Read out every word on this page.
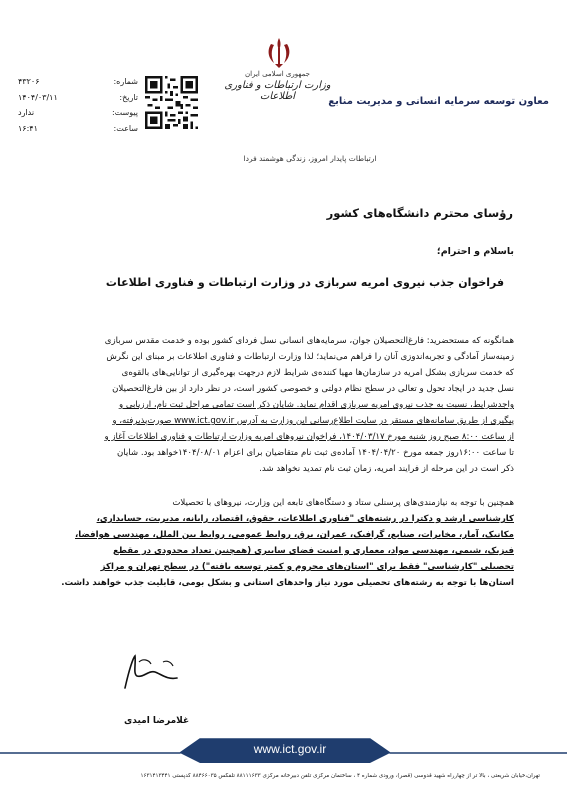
جمهوری اسلامی ایران
وزارت ارتباطات و فناوری اطلاعات	معاون توسعه سرمایه انسانی و مدیریت منابع
شماره:
۴۳۲۰۶
تاریخ:
۱۴۰۴/۰۳/۱۱
پیوست:
ندارد
ساعت:
۱۶:۴۱
ارتباطات پایدار امروز، زندگی هوشمند فردا
رؤسای محترم دانشگاه‌های کشور
باسلام و احترام؛
فراخوان جذب نیروی امریه سربازی در وزارت ارتباطات و فناوری اطلاعات
همانگونه که مستحضرید: فارغ‌التحصیلان جوان، سرمایه‌های انسانی نسل فردای کشور بوده و خدمت مقدس سربازی
زمینه‌ساز آمادگی و تجربه‌اندوزی آنان را فراهم می‌نماید؛ لذا وزارت ارتباطات و فناوری اطلاعات بر مبنای این نگرش
که خدمت سربازی بشکل امریه در سازمان‌ها مهیا کننده‌ی شرایط لازم درجهت بهره‌گیری از توانایی‌های بالقوه‌ی
نسل جدید در ایجاد تحول و تعالی در سطح نظام دولتی و خصوصی کشور است، در نظر دارد از بین فارغ‌التحصیلان
واجدشرایط، نسبت به جذب نیروی امریه سربازی اقدام نماید. شایان ذکر است تمامی مراحل ثبت نام، ارزیابی و
پیگیری از طریق سامانه‌های مستقر در سایت اطلاع‌رسانی این وزارت به آدرس www.ict.gov.ir صورت‌پذیرفته، و
از ساعت ۸:۰۰ صبح روز شنبه مورخ ۱۴۰۴/۰۳/۱۷، فراخوان نیروهای امریه وزارت ارتباطات و فناوری اطلاعات آغاز و
تا ساعت ۱۶:۰۰روز جمعه مورخ ۱۴۰۴/۰۴/۲۰ آماده‌ی ثبت نام متقاضیان برای اعزام ۱۴۰۴/۰۸/۰۱خواهد بود. شایان
ذکر است در این مرحله از فرایند امریه، زمان ثبت نام تمدید نخواهد شد.
همچنین با توجه به نیازمندی‌های پرسنلی ستاد و دستگاه‌های تابعه این وزارت، نیروهای با تحصیلات
کارشناسی ارشد و دکترا در رشته‌های "فناوری اطلاعات، حقوق، اقتصاد، رایانه، مدیریت، حسابداری،
مکانیک، آمار، مخابرات، صنایع، گرافیک، عمران، برق، روابط عمومی، روابط بین الملل، مهندسی هوافضا،
فیزیک، شیمی، مهندسی مواد، معماری و امنیت فضای سایبری (همچنین تعداد محدودی در مقطع
تحصیلی "کارشناسی" فقط برای "استان‌های محروم و کمتر توسعه یافته") در سطح تهران و مراکز
استان‌ها با توجه به رشته‌های تحصیلی مورد نیاز واحدهای استانی و بشکل بومی، قابلیت جذب خواهند داشت.
غلامرضا امیدی
www.ict.gov.ir
تهران،خیابان شریعتی ، بالا تر از چهارراه شهید قدوسی (قصر)، ورودی شماره ۴ ، ساختمان مرکزی تلفن دبیرخانه مرکزی ۸۸۱۱۱۶۳۳ تلفکس ۸۸۴۶۶۰۳۵ کدپستی ۱۶۳۱۴۱۳۴۴۱
